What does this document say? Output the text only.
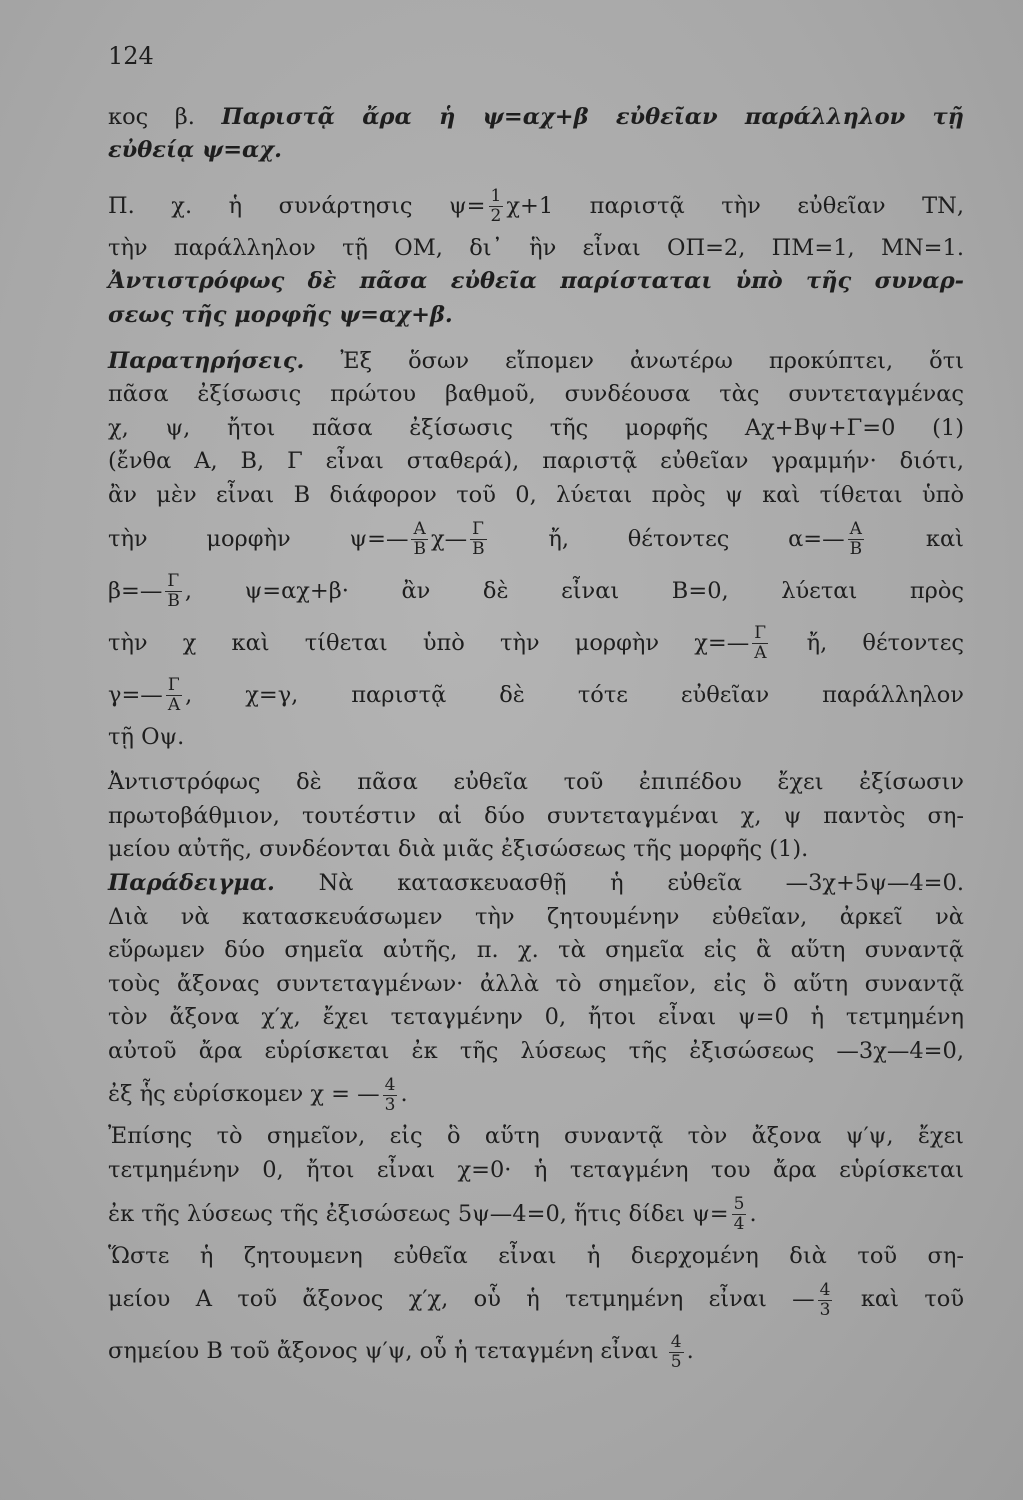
124
κος β. Παριστᾷ ἄρα ἡ ψ=αχ+β εὐθεῖαν παράλληλον τῇ
εὐθείᾳ ψ=αχ.
Π. χ. ἡ συνάρτησις $\psi= \frac{1}{2} \chi+1$ παριστᾷ τὴν εὐθεῖαν ΤΝ,
τὴν παράλληλον τῇ ΟΜ, δι᾿ ἣν εἶναι ΟΠ=2, ΠΜ=1, ΜΝ=1.
Ἀντιστρόφως δὲ πᾶσα εὐθεῖα παρίσταται ὑπὸ τῆς συναρ-
σεως τῆς μορφῆς ψ=αχ+β.
Παρατηρήσεις. Ἐξ ὅσων εἴπομεν ἀνωτέρω προκύπτει, ὅτι
πᾶσα ἐξίσωσις πρώτου βαθμοῦ, συνδέουσα τὰς συντεταγμένας
χ, ψ, ἤτοι πᾶσα ἐξίσωσις τῆς μορφῆς Αχ+Βψ+Γ=0 (1)
(ἔνθα Α, Β, Γ εἶναι σταθερά), παριστᾷ εὐθεῖαν γραμμήν· διότι,
ἂν μὲν εἶναι Β διάφορον τοῦ 0, λύεται πρὸς ψ καὶ τίθεται ὑπὸ
τὴν μορφὴν ψ=— $\frac{A}{B}$ χ— $\frac{\Gamma}{B}$ ἤ, θέτοντες α=— $\frac{A}{B}$ καὶ
β=— $\frac{\Gamma}{B}$ , ψ=αχ+β· ἂν δὲ εἶναι Β=0, λύεται πρὸς
τὴν χ καὶ τίθεται ὑπὸ τὴν μορφὴν χ=— $\frac{\Gamma}{A}$ ἤ, θέτοντες
γ=— $\frac{\Gamma}{A}$ , χ=γ, παριστᾷ δὲ τότε εὐθεῖαν παράλληλον
τῇ Οψ.
Ἀντιστρόφως δὲ πᾶσα εὐθεῖα τοῦ ἐπιπέδου ἔχει ἐξίσωσιν
πρωτοβάθμιον, τουτέστιν αἱ δύο συντεταγμέναι χ, ψ παντὸς ση-
μείου αὐτῆς, συνδέονται διὰ μιᾶς ἐξισώσεως τῆς μορφῆς (1).
Παράδειγμα. Νὰ κατασκευασθῇ ἡ εὐθεῖα —3χ+5ψ—4=0.
Διὰ νὰ κατασκευάσωμεν τὴν ζητουμένην εὐθεῖαν, ἀρκεῖ νὰ
εὕρωμεν δύο σημεῖα αὐτῆς, π. χ. τὰ σημεῖα εἰς ἃ αὕτη συναντᾷ
τοὺς ἄξονας συντεταγμένων· ἀλλὰ τὸ σημεῖον, εἰς ὃ αὕτη συναντᾷ
τὸν ἄξονα χ′χ, ἔχει τεταγμένην 0, ἤτοι εἶναι ψ=0 ἡ τετμημένη
αὐτοῦ ἄρα εὑρίσκεται ἐκ τῆς λύσεως τῆς ἐξισώσεως —3χ—4=0,
ἐξ ἧς εὑρίσκομεν χ = — $\frac{4}{3}$ .
Ἐπίσης τὸ σημεῖον, εἰς ὃ αὕτη συναντᾷ τὸν ἄξονα ψ′ψ, ἔχει
τετμημένην 0, ἤτοι εἶναι χ=0· ἡ τεταγμένη του ἄρα εὑρίσκεται
ἐκ τῆς λύσεως τῆς ἐξισώσεως 5ψ—4=0, ἥτις δίδει $\psi= \frac{5}{4}$ .
Ὥστε ἡ ζητουμενη εὐθεῖα εἶναι ἡ διερχομένη διὰ τοῦ ση-
μείου Α τοῦ ἄξονος χ′χ, οὗ ἡ τετμημένη εἶναι — $\frac{4}{3}$ καὶ τοῦ
σημείου Β τοῦ ἄξονος ψ′ψ, οὗ ἡ τεταγμένη εἶναι $\frac{4}{5}$ .
